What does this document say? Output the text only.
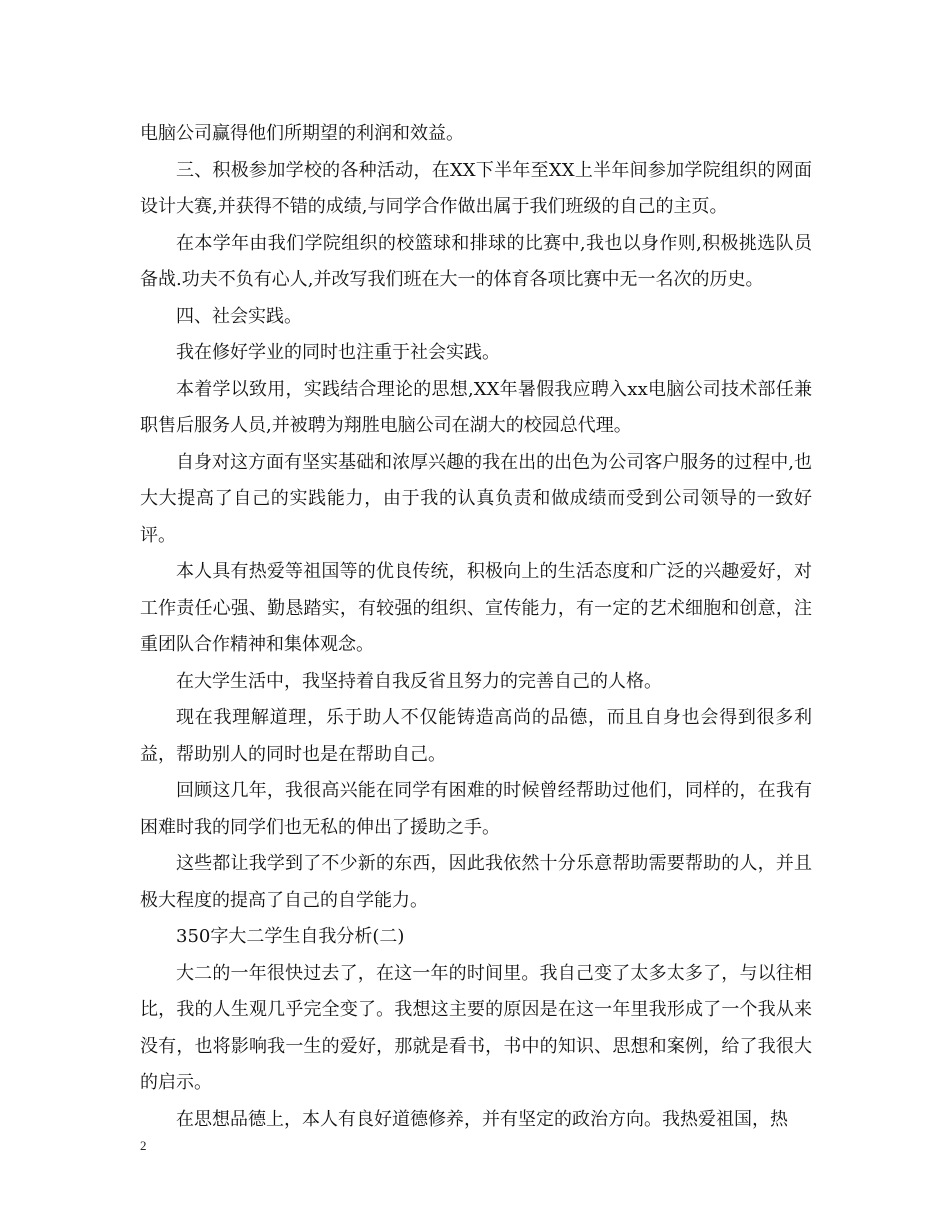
电脑公司赢得他们所期望的利润和效益。

三、积极参加学校的各种活动，在XX下半年至XX上半年间参加学院组织的网面设计大赛,并获得不错的成绩,与同学合作做出属于我们班级的自己的主页。

在本学年由我们学院组织的校篮球和排球的比赛中,我也以身作则,积极挑选队员备战.功夫不负有心人,并改写我们班在大一的体育各项比赛中无一名次的历史。

四、社会实践。

我在修好学业的同时也注重于社会实践。

本着学以致用，实践结合理论的思想,XX年暑假我应聘入xx电脑公司技术部任兼职售后服务人员,并被聘为翔胜电脑公司在湖大的校园总代理。

自身对这方面有坚实基础和浓厚兴趣的我在出的出色为公司客户服务的过程中,也大大提高了自己的实践能力，由于我的认真负责和做成绩而受到公司领导的一致好评。

本人具有热爱等祖国等的优良传统，积极向上的生活态度和广泛的兴趣爱好，对工作责任心强、勤恳踏实，有较强的组织、宣传能力，有一定的艺术细胞和创意，注重团队合作精神和集体观念。

在大学生活中，我坚持着自我反省且努力的完善自己的人格。

现在我理解道理，乐于助人不仅能铸造高尚的品德，而且自身也会得到很多利益，帮助别人的同时也是在帮助自己。

回顾这几年，我很高兴能在同学有困难的时候曾经帮助过他们，同样的，在我有困难时我的同学们也无私的伸出了援助之手。

这些都让我学到了不少新的东西，因此我依然十分乐意帮助需要帮助的人，并且极大程度的提高了自己的自学能力。

350字大二学生自我分析(二)

大二的一年很快过去了，在这一年的时间里。我自己变了太多太多了，与以往相比，我的人生观几乎完全变了。我想这主要的原因是在这一年里我形成了一个我从来没有，也将影响我一生的爱好，那就是看书，书中的知识、思想和案例，给了我很大的启示。

在思想品德上，本人有良好道德修养，并有坚定的政治方向。我热爱祖国，热

2
